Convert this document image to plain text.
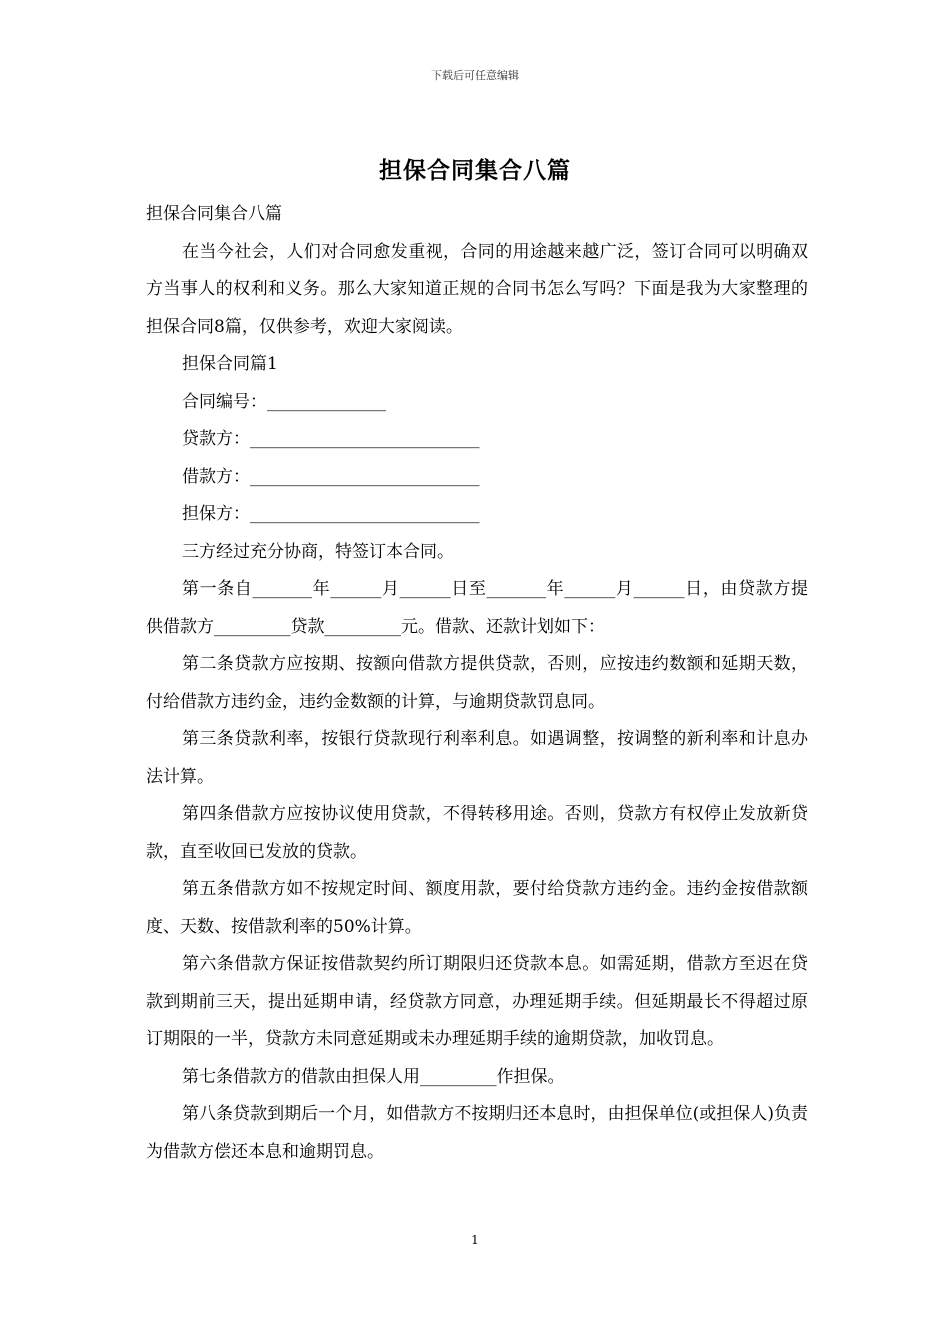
下载后可任意编辑
担保合同集合八篇

担保合同集合八篇

在当今社会，人们对合同愈发重视，合同的用途越来越广泛，签订合同可以明确双方当事人的权利和义务。那么大家知道正规的合同书怎么写吗？下面是我为大家整理的担保合同8篇，仅供参考，欢迎大家阅读。

担保合同篇1

合同编号：______________

贷款方：___________________________

借款方：___________________________

担保方：___________________________

三方经过充分协商，特签订本合同。

第一条自_______年______月______日至_______年______月______日，由贷款方提供借款方_________贷款_________元。借款、还款计划如下：

第二条贷款方应按期、按额向借款方提供贷款，否则，应按违约数额和延期天数，付给借款方违约金，违约金数额的计算，与逾期贷款罚息同。

第三条贷款利率，按银行贷款现行利率利息。如遇调整，按调整的新利率和计息办法计算。

第四条借款方应按协议使用贷款，不得转移用途。否则，贷款方有权停止发放新贷款，直至收回已发放的贷款。

第五条借款方如不按规定时间、额度用款，要付给贷款方违约金。违约金按借款额度、天数、按借款利率的50%计算。

第六条借款方保证按借款契约所订期限归还贷款本息。如需延期，借款方至迟在贷款到期前三天，提出延期申请，经贷款方同意，办理延期手续。但延期最长不得超过原订期限的一半，贷款方未同意延期或未办理延期手续的逾期贷款，加收罚息。

第七条借款方的借款由担保人用_________作担保。

第八条贷款到期后一个月，如借款方不按期归还本息时，由担保单位(或担保人)负责为借款方偿还本息和逾期罚息。

1
